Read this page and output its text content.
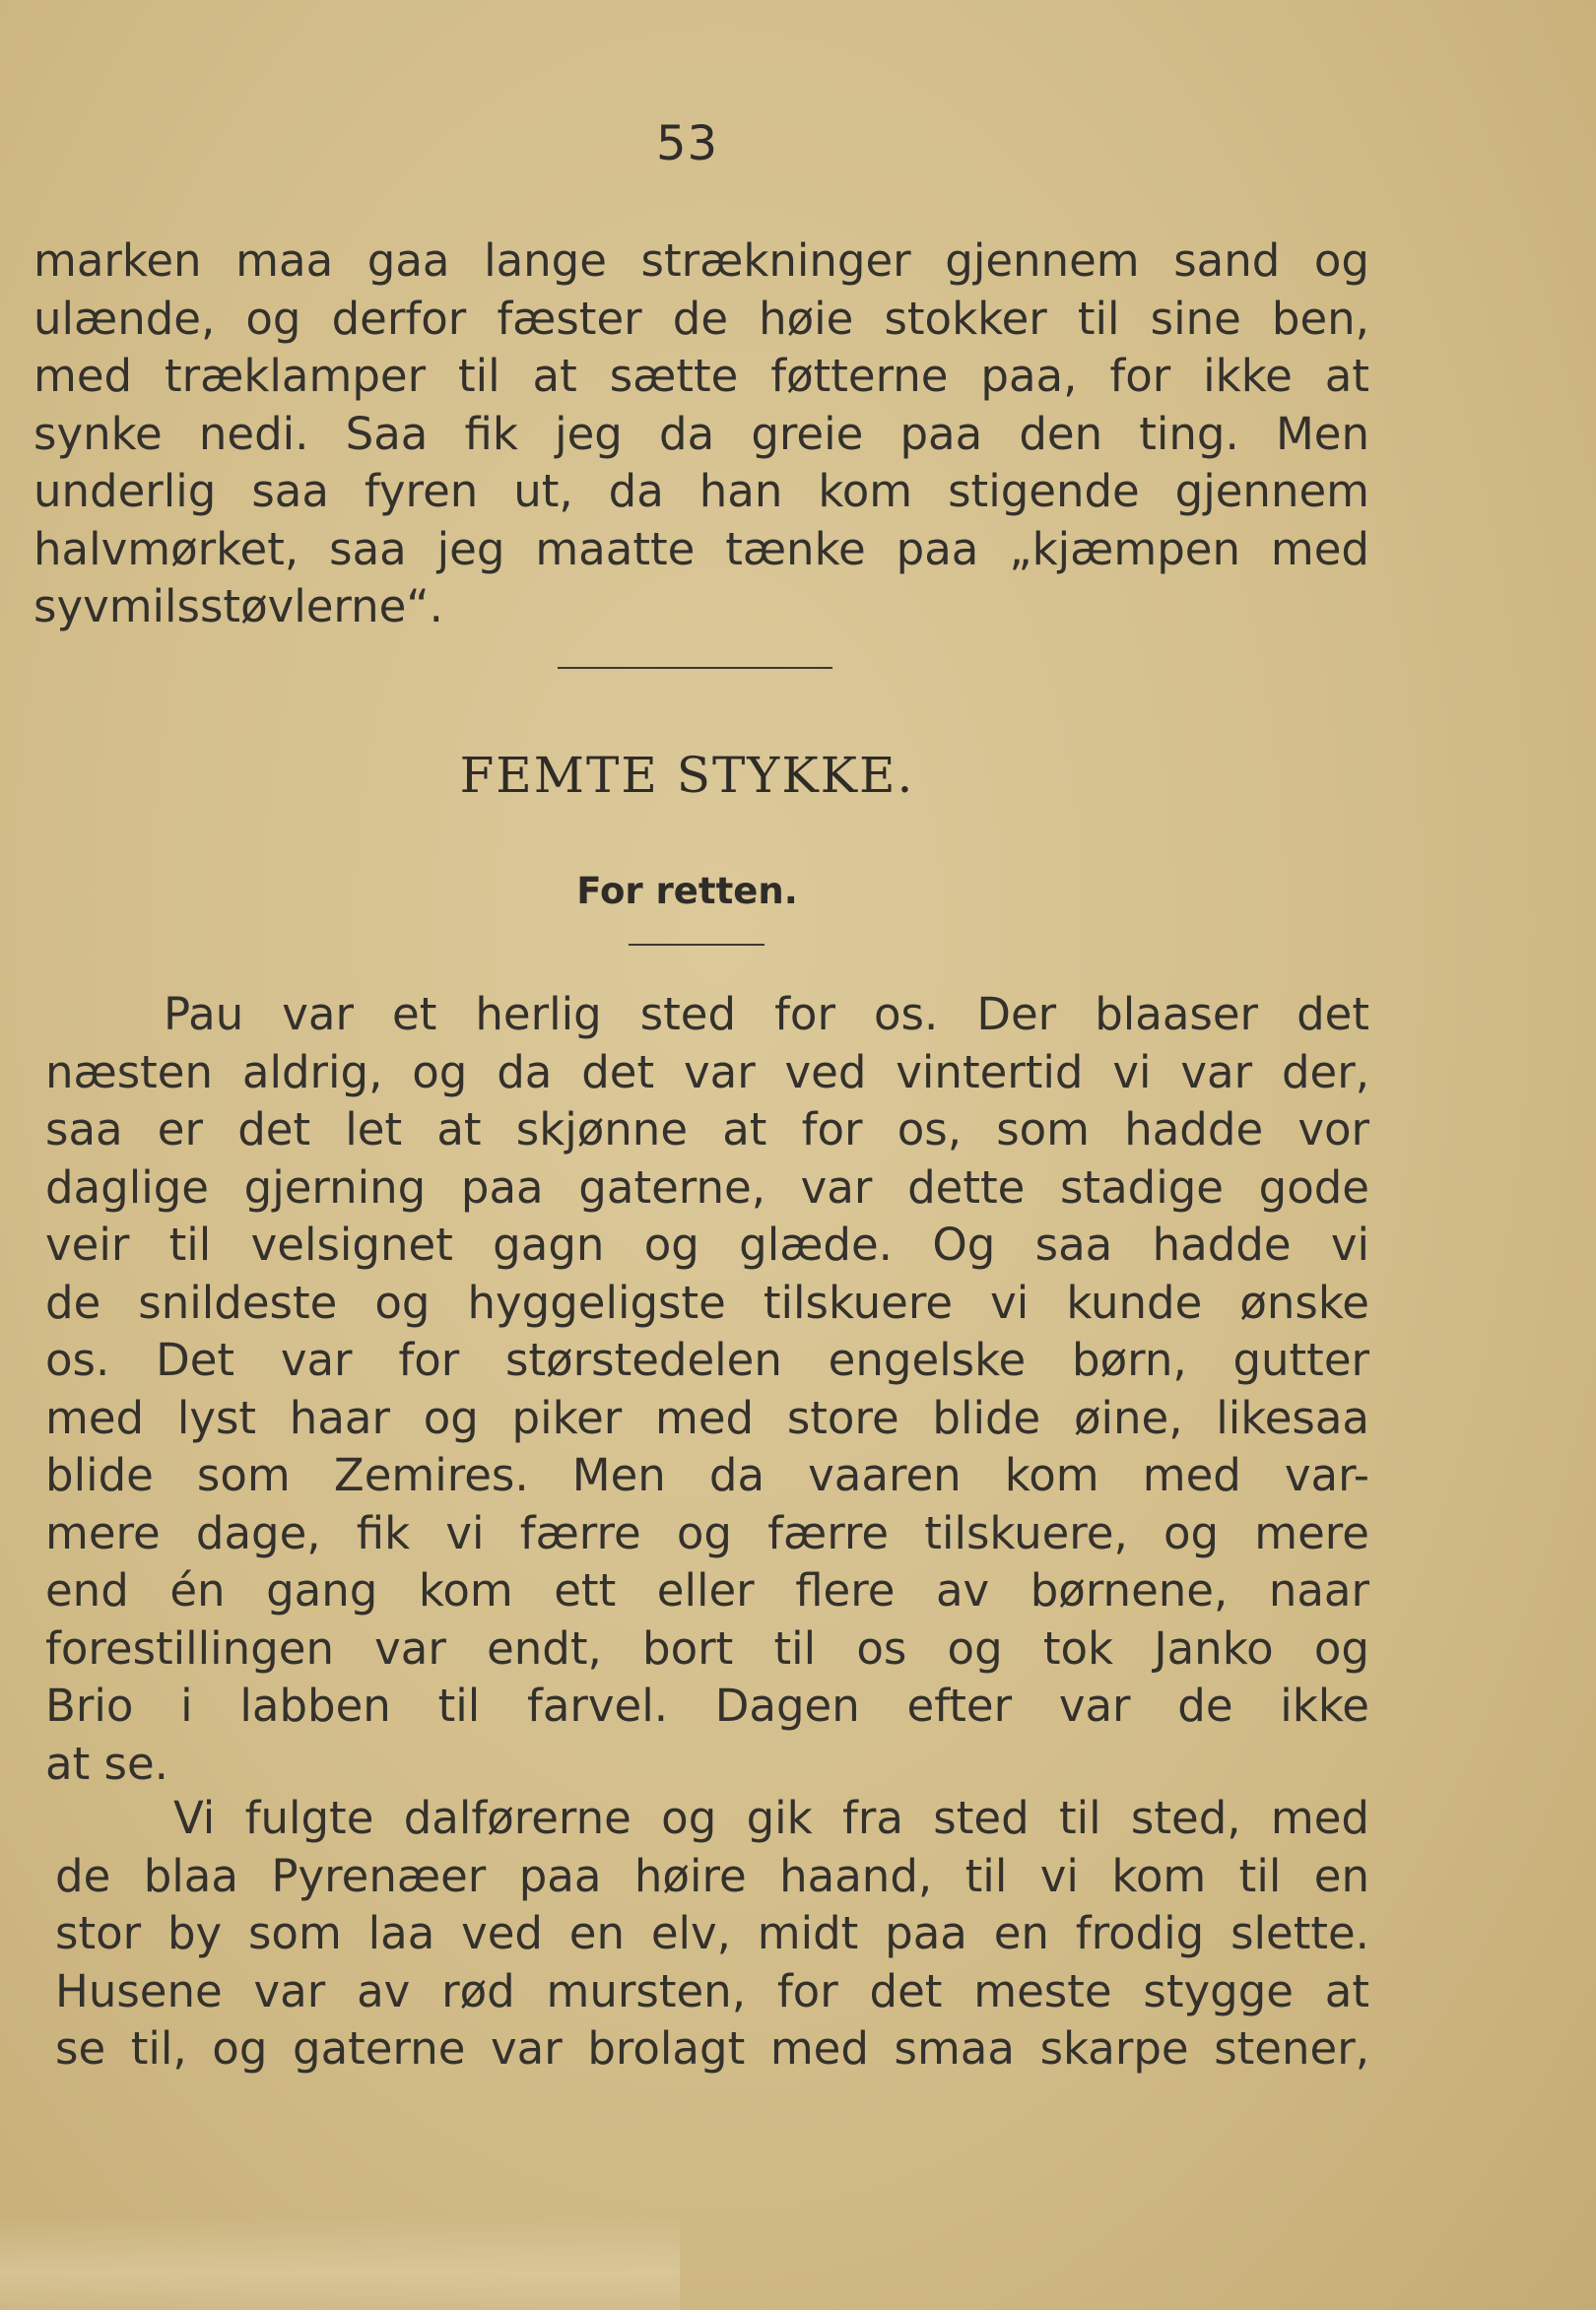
53
marken maa gaa lange strækninger gjennem sand og
ulænde, og derfor fæster de høie stokker til sine ben,
med træklamper til at sætte føtterne paa, for ikke at
synke nedi. Saa fik jeg da greie paa den ting. Men
underlig saa fyren ut, da han kom stigende gjennem
halvmørket, saa jeg maatte tænke paa „kjæmpen med
syvmilsstøvlerne“.
FEMTE STYKKE.
For retten.
Pau var et herlig sted for os. Der blaaser det
næsten aldrig, og da det var ved vintertid vi var der,
saa er det let at skjønne at for os, som hadde vor
daglige gjerning paa gaterne, var dette stadige gode
veir til velsignet gagn og glæde. Og saa hadde vi
de snildeste og hyggeligste tilskuere vi kunde ønske
os. Det var for størstedelen engelske børn, gutter
med lyst haar og piker med store blide øine, likesaa
blide som Zemires. Men da vaaren kom med var-
mere dage, fik vi færre og færre tilskuere, og mere
end én gang kom ett eller flere av børnene, naar
forestillingen var endt, bort til os og tok Janko og
Brio i labben til farvel. Dagen efter var de ikke
at se.
Vi fulgte dalførerne og gik fra sted til sted, med
de blaa Pyrenæer paa høire haand, til vi kom til en
stor by som laa ved en elv, midt paa en frodig slette.
Husene var av rød mursten, for det meste stygge at
se til, og gaterne var brolagt med smaa skarpe stener,
